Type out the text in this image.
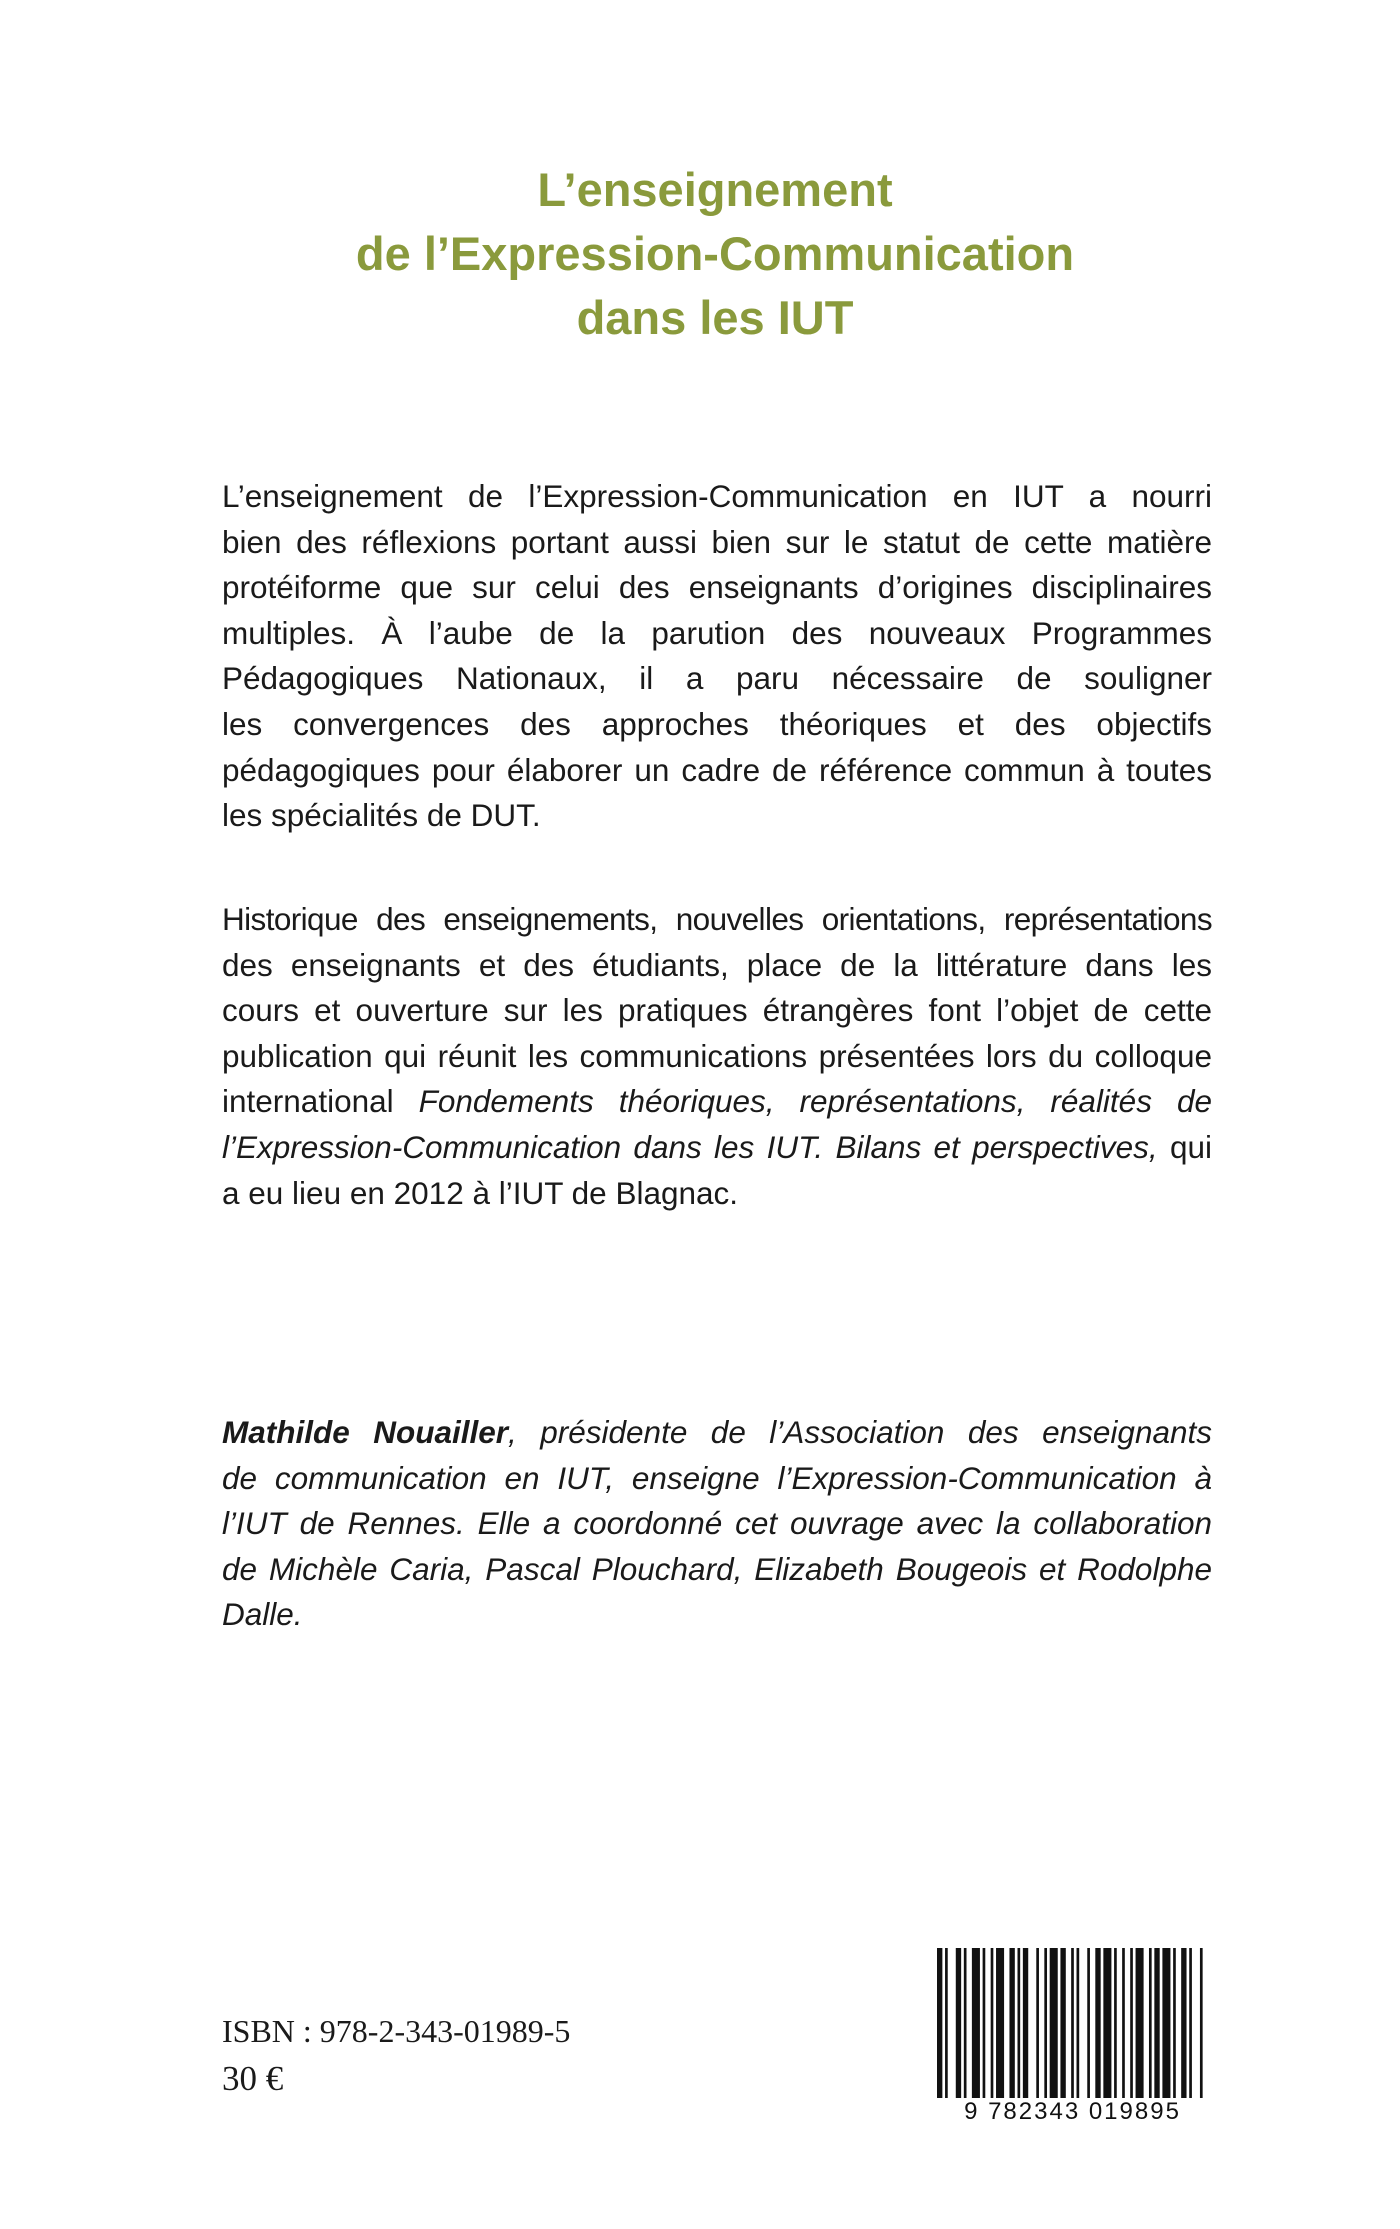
L’enseignement
de l’Expression-Communication
dans les IUT
L’enseignement de l’Expression-Communication en IUT a nourri
bien des réflexions portant aussi bien sur le statut de cette matière
protéiforme que sur celui des enseignants d’origines disciplinaires
multiples. À l’aube de la parution des nouveaux Programmes
Pédagogiques Nationaux, il a paru nécessaire de souligner
les convergences des approches théoriques et des objectifs
pédagogiques pour élaborer un cadre de référence commun à toutes
les spécialités de DUT.
Historique des enseignements, nouvelles orientations, représentations
des enseignants et des étudiants, place de la littérature dans les
cours et ouverture sur les pratiques étrangères font l’objet de cette
publication qui réunit les communications présentées lors du colloque
international Fondements théoriques, représentations, réalités de
l’Expression-Communication dans les IUT. Bilans et perspectives, qui
a eu lieu en 2012 à l’IUT de Blagnac.
Mathilde Nouailler, présidente de l’Association des enseignants
de communication en IUT, enseigne l’Expression-Communication à
l’IUT de Rennes. Elle a coordonné cet ouvrage avec la collaboration
de Michèle Caria, Pascal Plouchard, Elizabeth Bougeois et Rodolphe
Dalle.
ISBN : 978-2-343-01989-5
30 €
9 782343 019895
